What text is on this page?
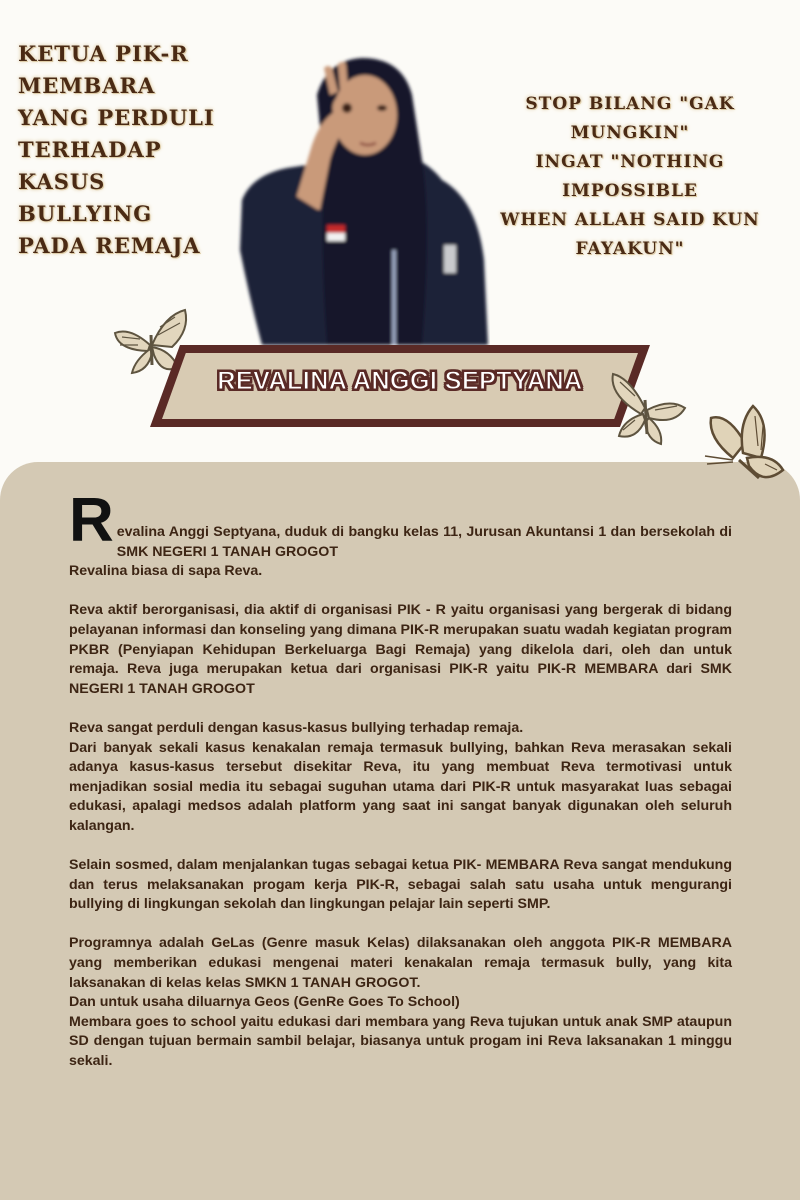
KETUA PIK-R
MEMBARA
YANG PERDULI
TERHADAP
KASUS BULLYING
PADA REMAJA
STOP BILANG "GAK MUNGKIN"
INGAT "NOTHING IMPOSSIBLE
WHEN ALLAH SAID KUN
FAYAKUN"
REVALINA ANGGI SEPTYANA

R evalina Anggi Septyana, duduk di bangku kelas 11, Jurusan Akuntansi 1 dan bersekolah di SMK NEGERI 1 TANAH GROGOT
Revalina biasa di sapa Reva.

Reva aktif berorganisasi, dia aktif di organisasi PIK - R yaitu organisasi yang bergerak di bidang pelayanan informasi dan konseling yang dimana PIK-R merupakan suatu wadah kegiatan program PKBR (Penyiapan Kehidupan Berkeluarga Bagi Remaja) yang dikelola dari, oleh dan untuk remaja. Reva juga merupakan ketua dari organisasi PIK-R yaitu PIK-R MEMBARA dari SMK NEGERI 1 TANAH GROGOT

Reva sangat perduli dengan kasus-kasus bullying terhadap remaja.
Dari banyak sekali kasus kenakalan remaja termasuk bullying, bahkan Reva merasakan sekali adanya kasus-kasus tersebut disekitar Reva, itu yang membuat Reva termotivasi untuk menjadikan sosial media itu sebagai suguhan utama dari PIK-R untuk masyarakat luas sebagai edukasi, apalagi medsos adalah platform yang saat ini sangat banyak digunakan oleh seluruh kalangan.

Selain sosmed, dalam menjalankan tugas sebagai ketua PIK- MEMBARA Reva sangat mendukung dan terus melaksanakan progam kerja PIK-R, sebagai salah satu usaha untuk mengurangi bullying di lingkungan sekolah dan lingkungan pelajar lain seperti SMP.

Programnya adalah GeLas (Genre masuk Kelas) dilaksanakan oleh anggota PIK-R MEMBARA yang memberikan edukasi mengenai materi kenakalan remaja termasuk bully, yang kita laksanakan di kelas kelas SMKN 1 TANAH GROGOT.
Dan untuk usaha diluarnya Geos (GenRe Goes To School)
Membara goes to school yaitu edukasi dari membara yang Reva tujukan untuk anak SMP ataupun SD dengan tujuan bermain sambil belajar, biasanya untuk progam ini Reva laksanakan 1 minggu sekali.
